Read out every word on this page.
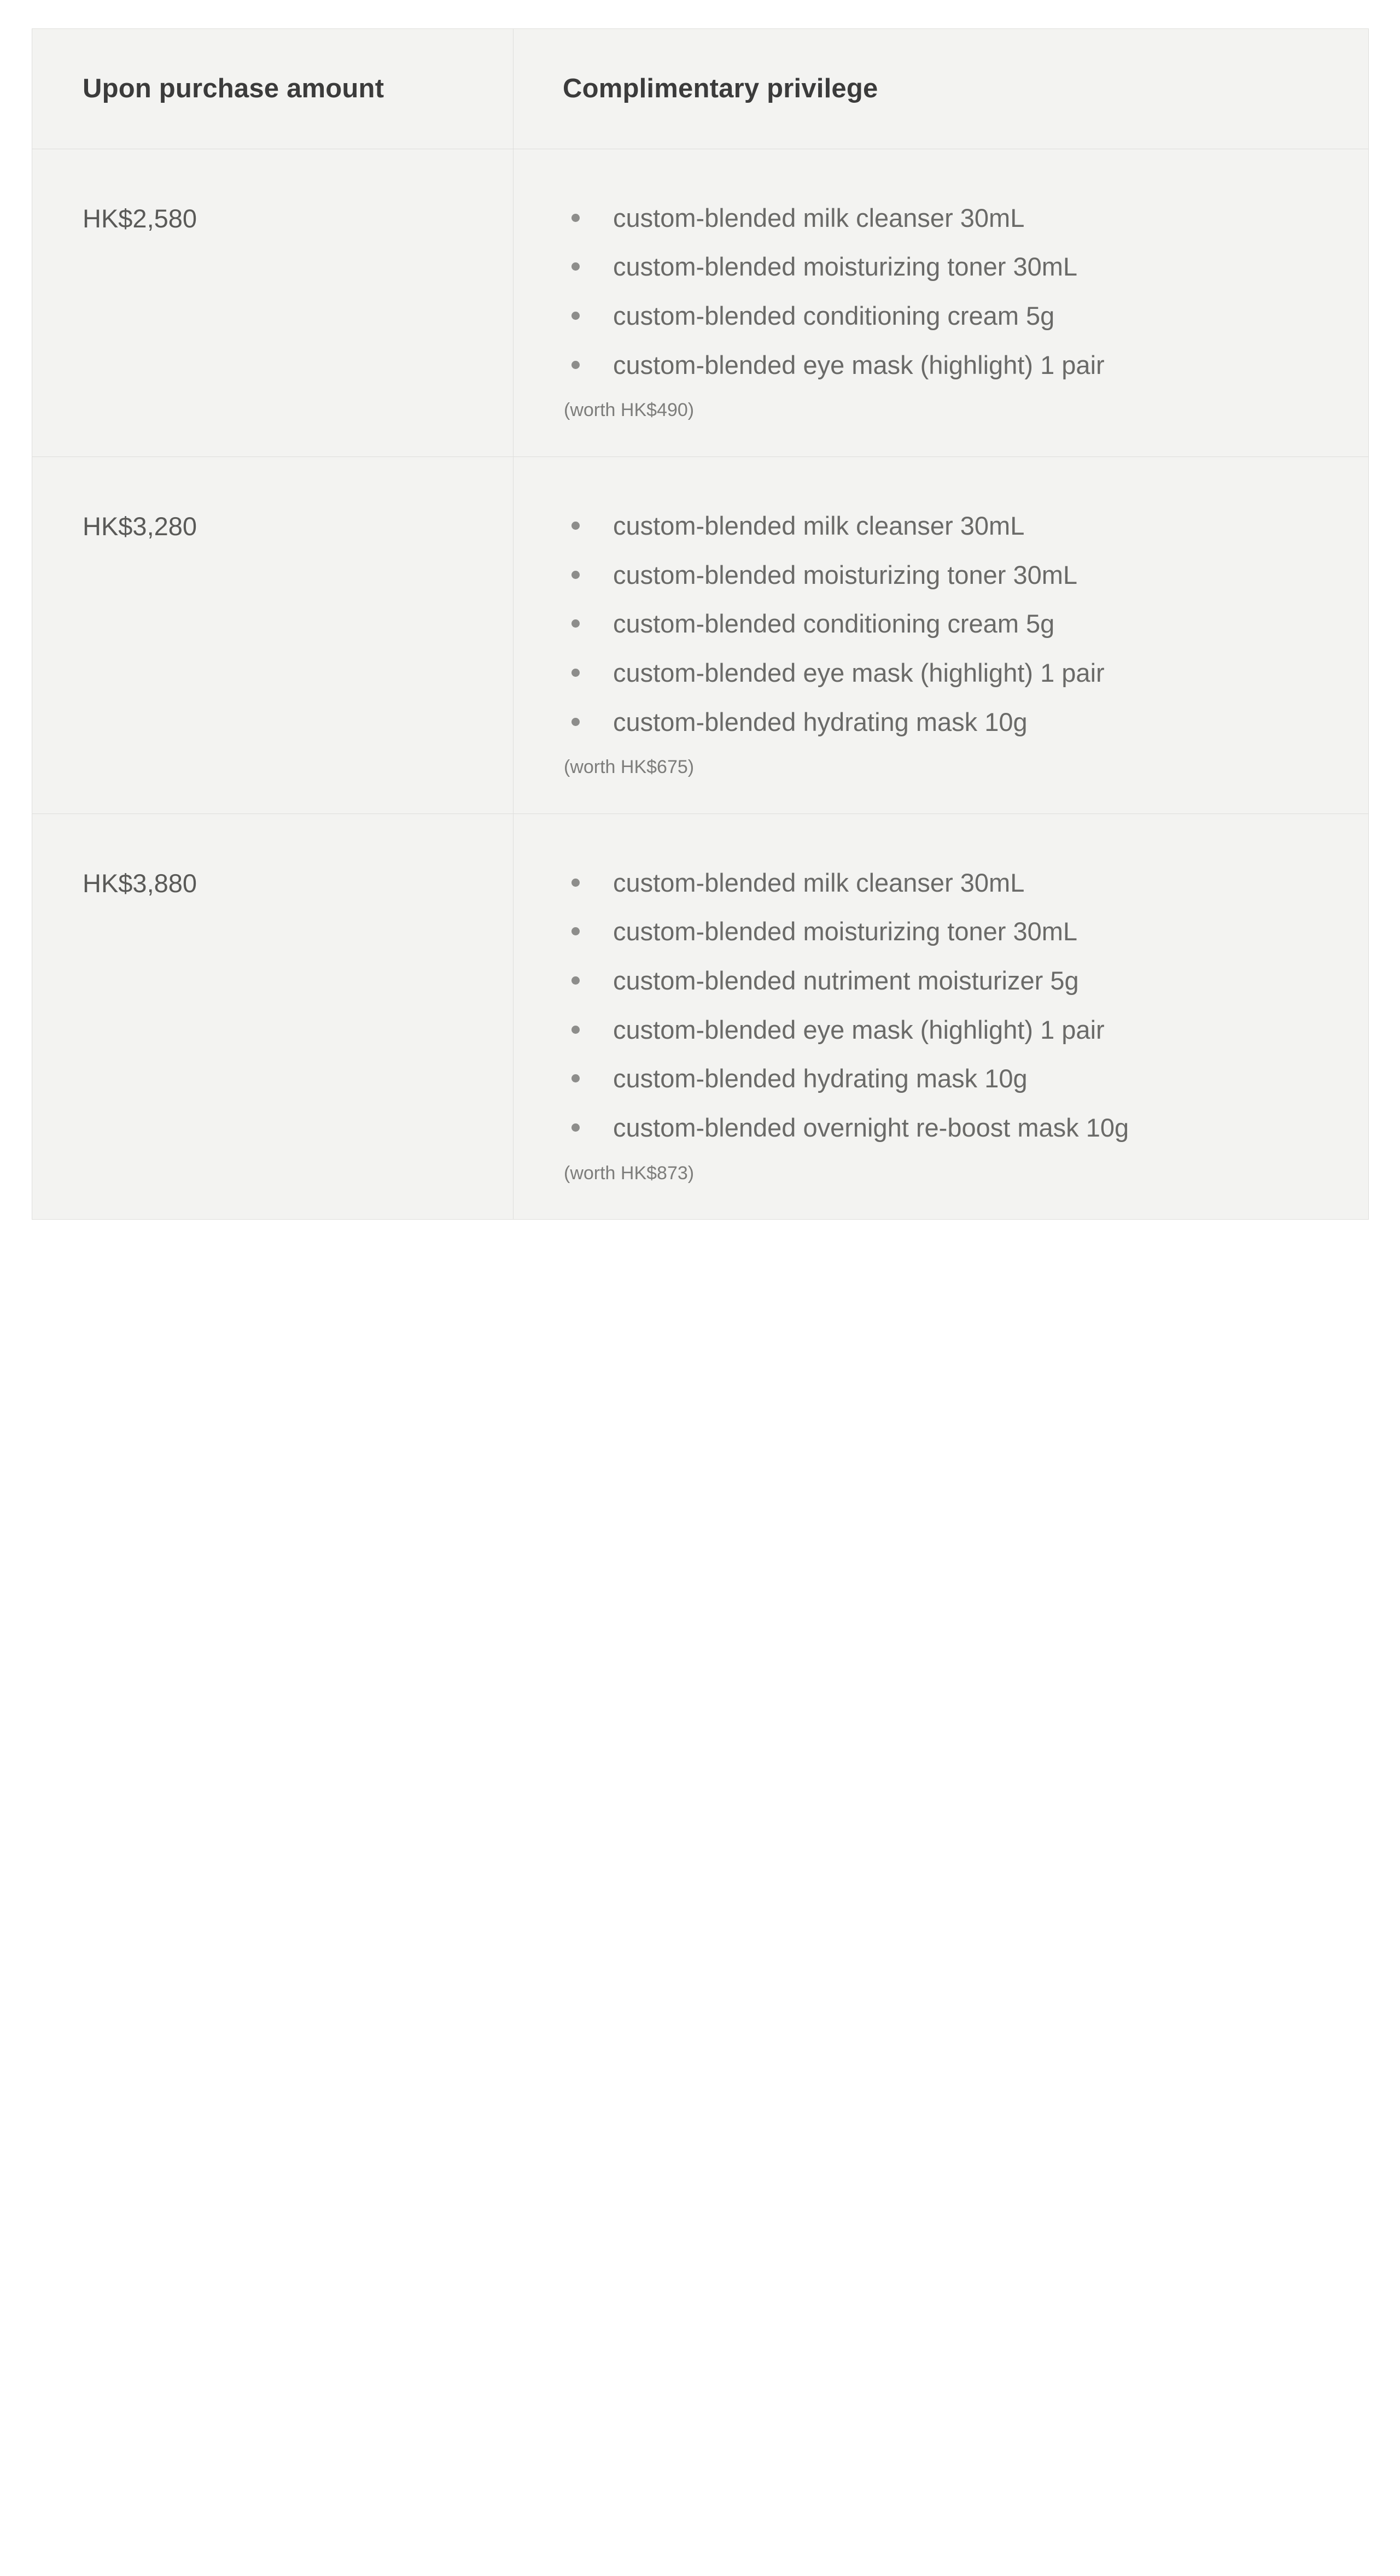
Upon purchase amount	Complimentary privilege
HK$2,580	custom-blended milk cleanser 30mL
custom-blended moisturizing toner 30mL
custom-blended conditioning cream 5g
custom-blended eye mask (highlight) 1 pair
(worth HK$490)

HK$3,280	custom-blended milk cleanser 30mL
custom-blended moisturizing toner 30mL
custom-blended conditioning cream 5g
custom-blended eye mask (highlight) 1 pair
custom-blended hydrating mask 10g
(worth HK$675)

HK$3,880	custom-blended milk cleanser 30mL
custom-blended moisturizing toner 30mL
custom-blended nutriment moisturizer 5g
custom-blended eye mask (highlight) 1 pair
custom-blended hydrating mask 10g
custom-blended overnight re-boost mask 10g
(worth HK$873)
